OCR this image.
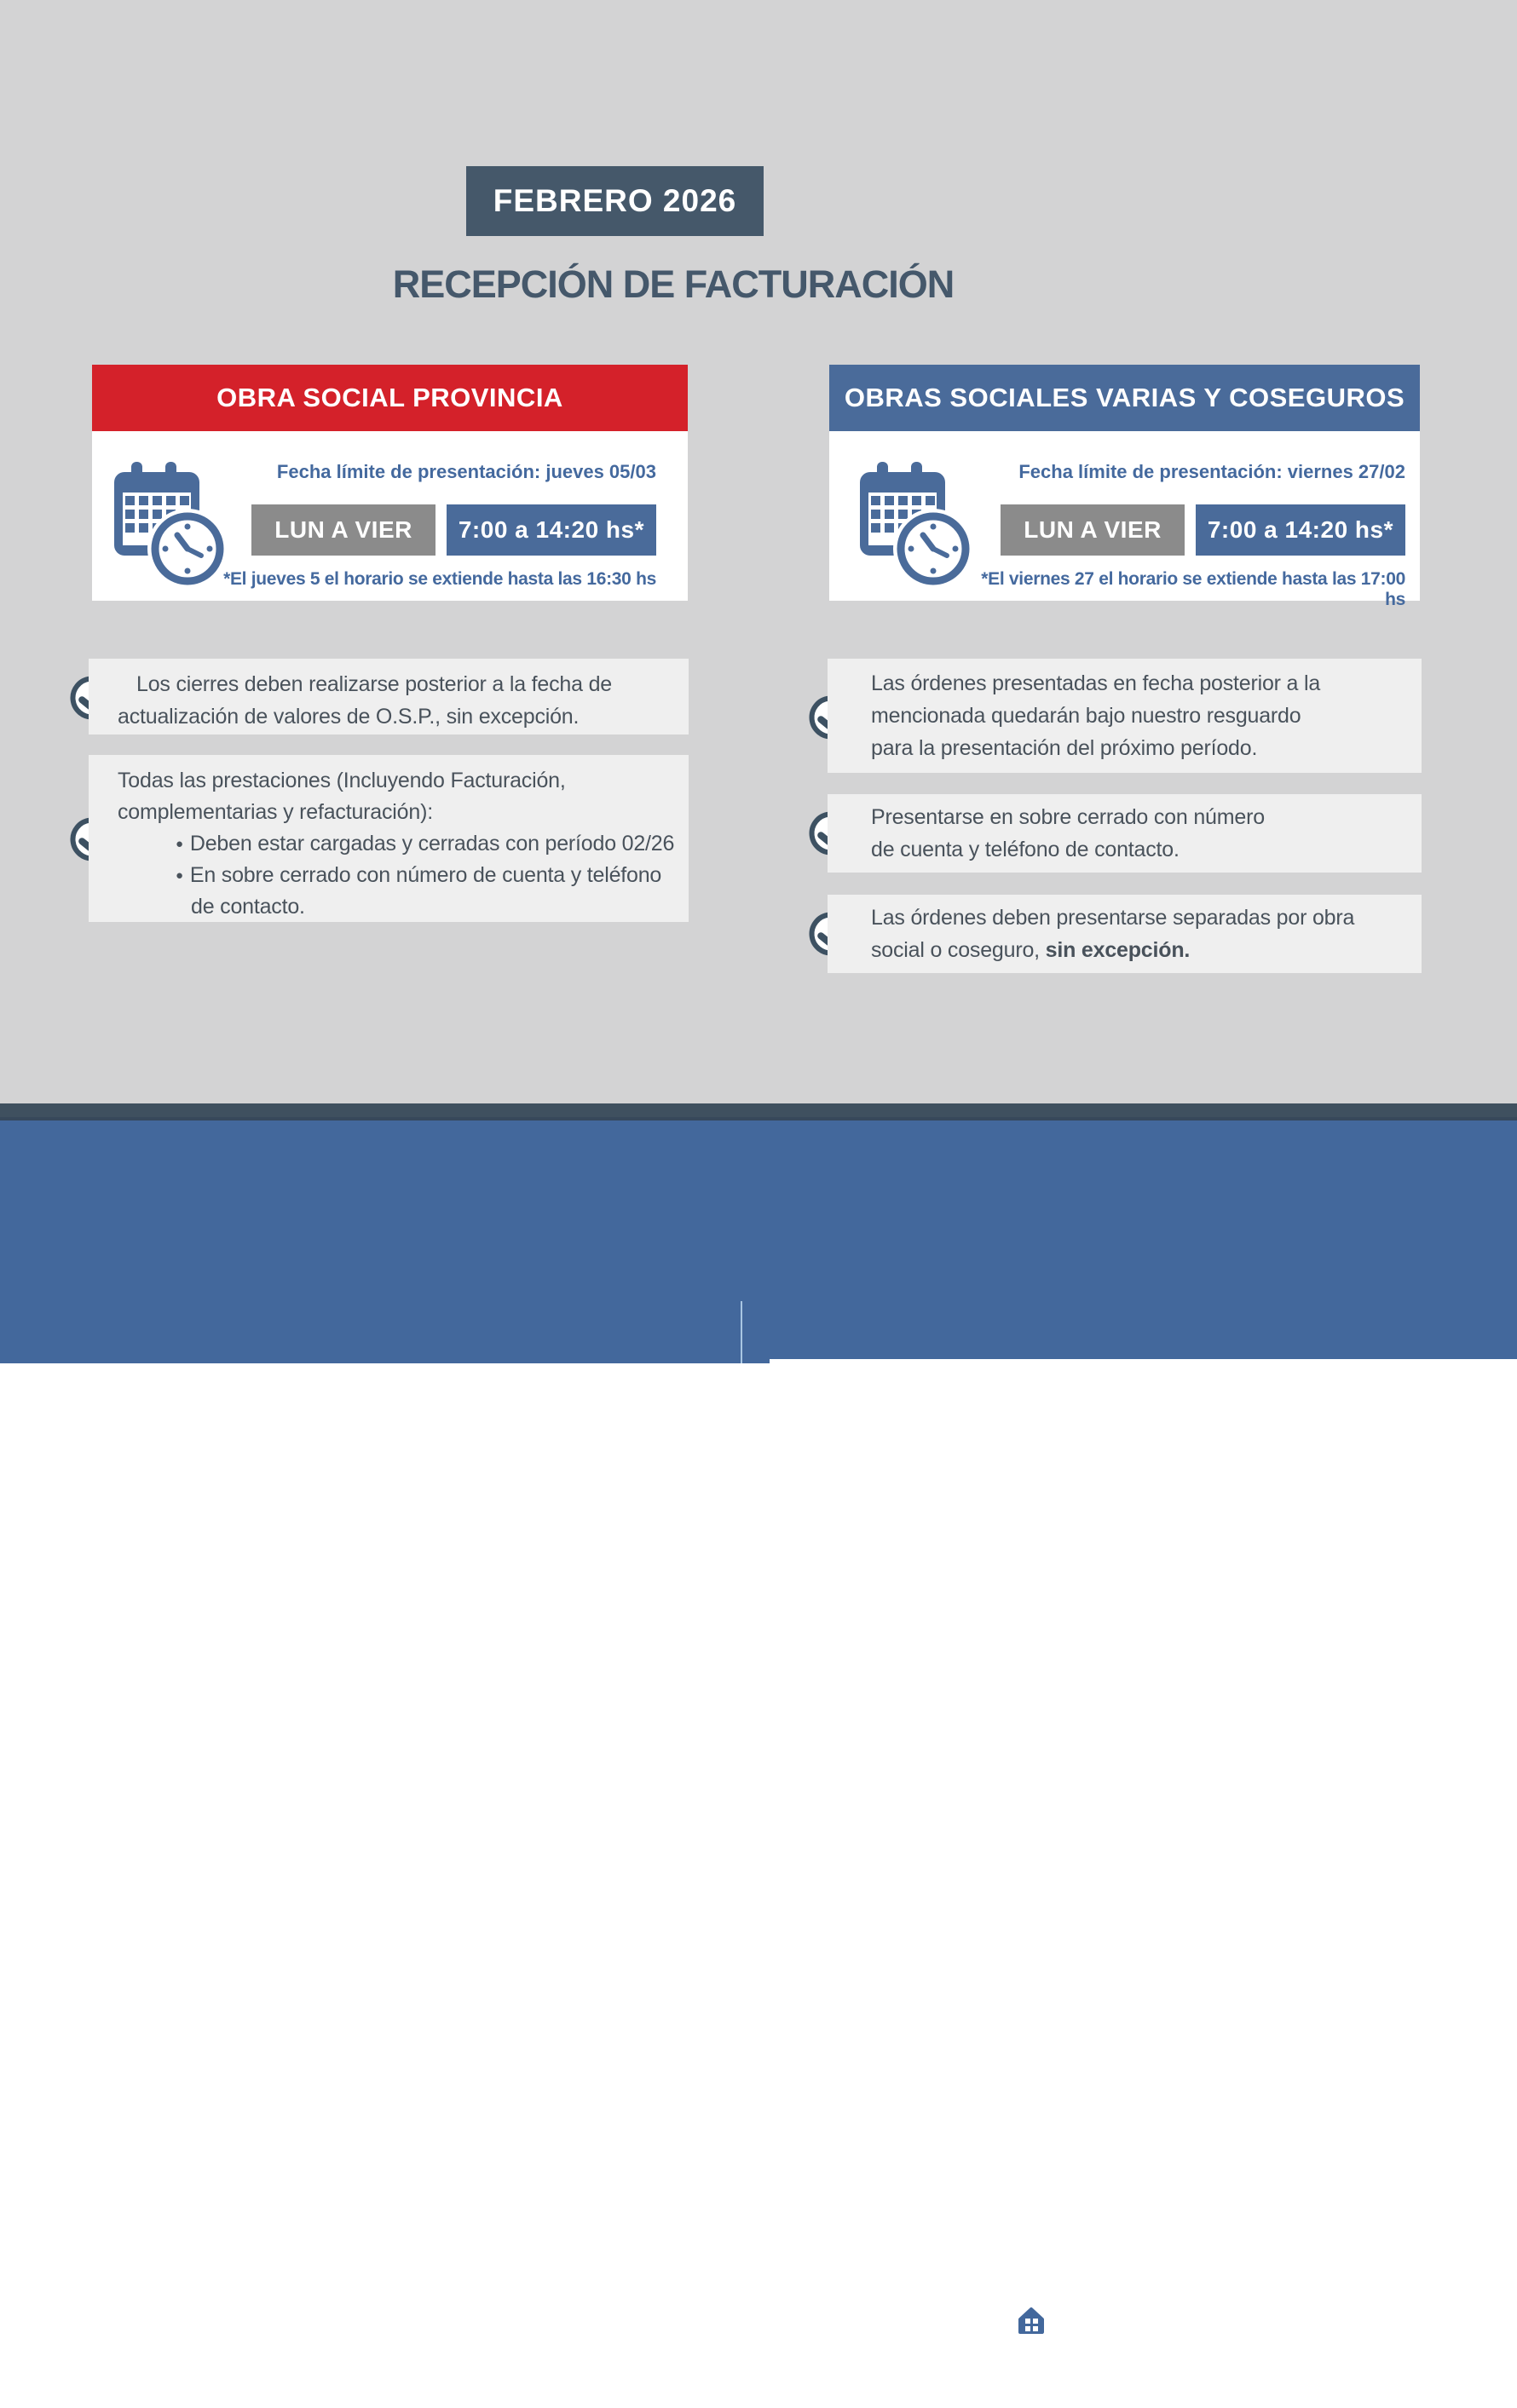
FEBRERO 2026
RECEPCIÓN DE FACTURACIÓN
OBRA SOCIAL PROVINCIA
Fecha límite de presentación: jueves 05/03
LUN A VIER	7:00 a 14:20 hs*
*El jueves 5 el horario se extiende hasta las 16:30 hs
OBRAS SOCIALES VARIAS Y COSEGUROS
Fecha límite de presentación: viernes 27/02
LUN A VIER	7:00 a 14:20 hs*
*El viernes 27 el horario se extiende hasta las 17:00 hs
Los cierres deben realizarse posterior a la fecha de
actualización de valores de O.S.P., sin excepción.
Todas las prestaciones (Incluyendo Facturación,
complementarias y refacturación):
● Deben estar cargadas y cerradas con período 02/26
● En sobre cerrado con número de cuenta y teléfono
de contacto.
Las órdenes presentadas en fecha posterior a la
mencionada quedarán bajo nuestro resguardo
para la presentación del próximo período.
Presentarse en sobre cerrado con número
de cuenta y teléfono de contacto.
Las órdenes deben presentarse separadas por obra
social o coseguro, sin excepción.
COLEGIO MEDICO
DE SAN JUAN
CM	HOSPITAL
PRIVADO
COLEGIO MÉDICO DE SAN JUAN
CIMYN
SANATORIO DE ALTA COMPLEJIDAD
COLMED
Salud
ART
INTERNACIÓN
DOMICILIARIA
DEL COLEGIO MÉDICO DE SAN JUAN
